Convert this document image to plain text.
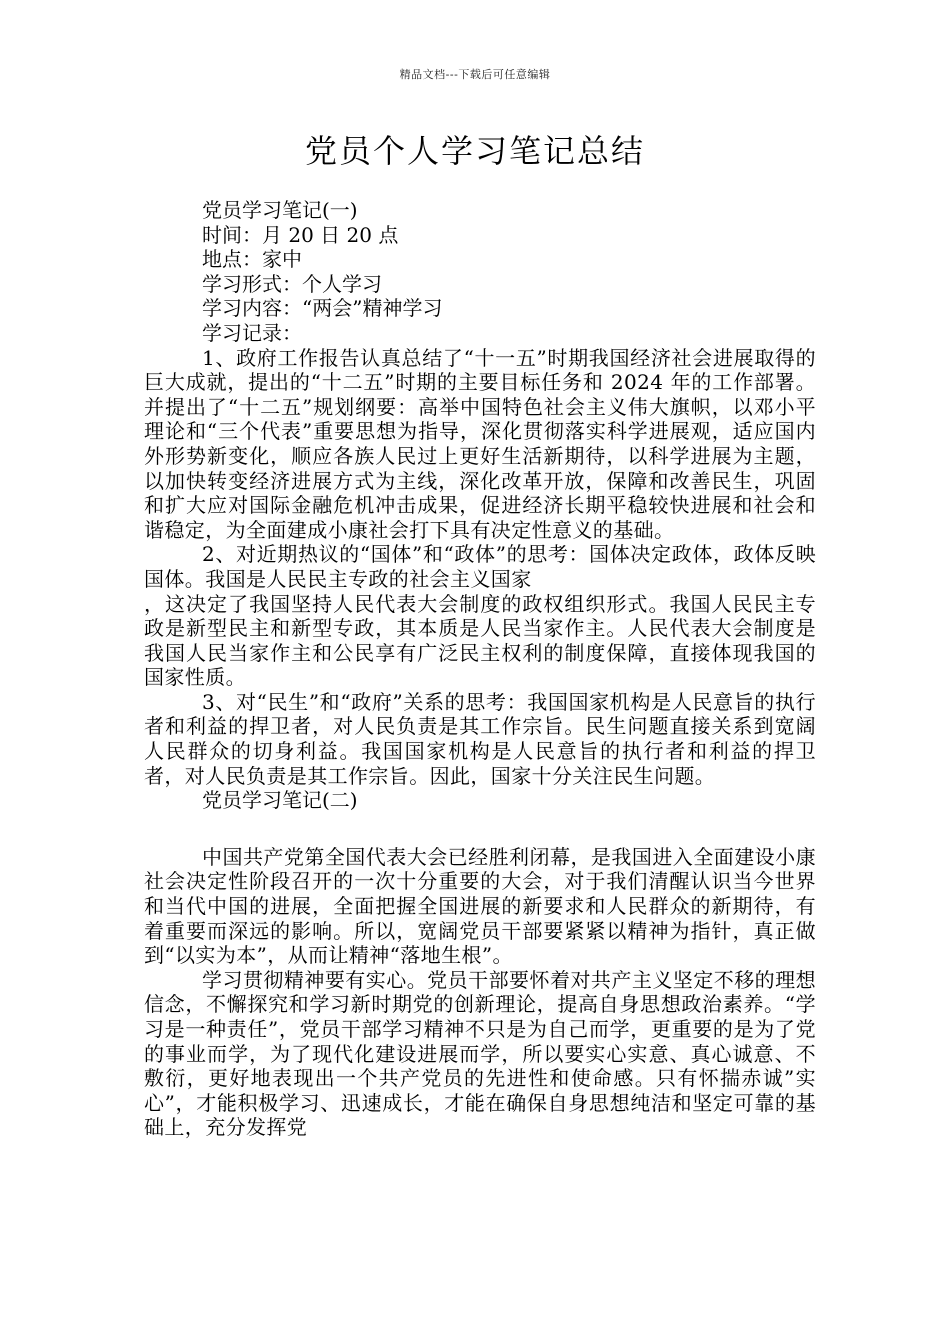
精品文档---下载后可任意编辑
党员个人学习笔记总结

党员学习笔记(一)

时间：月 20 日 20 点

地点：家中

学习形式：个人学习

学习内容：“两会”精神学习

学习记录：

1、政府工作报告认真总结了“十一五”时期我国经济社会进展取得的巨大成就，提出的“十二五”时期的主要目标任务和 2024 年的工作部署。并提出了“十二五”规划纲要：高举中国特色社会主义伟大旗帜，以邓小平理论和“三个代表”重要思想为指导，深化贯彻落实科学进展观，适应国内外形势新变化，顺应各族人民过上更好生活新期待，以科学进展为主题，以加快转变经济进展方式为主线，深化改革开放，保障和改善民生，巩固和扩大应对国际金融危机冲击成果，促进经济长期平稳较快进展和社会和谐稳定，为全面建成小康社会打下具有决定性意义的基础。

2、对近期热议的“国体”和“政体”的思考：国体决定政体，政体反映国体。我国是人民民主专政的社会主义国家

，这决定了我国坚持人民代表大会制度的政权组织形式。我国人民民主专政是新型民主和新型专政，其本质是人民当家作主。人民代表大会制度是我国人民当家作主和公民享有广泛民主权利的制度保障，直接体现我国的国家性质。

3、对“民生”和“政府”关系的思考：我国国家机构是人民意旨的执行者和利益的捍卫者，对人民负责是其工作宗旨。民生问题直接关系到宽阔人民群众的切身利益。我国国家机构是人民意旨的执行者和利益的捍卫者，对人民负责是其工作宗旨。因此，国家十分关注民生问题。

党员学习笔记(二)

中国共产党第全国代表大会已经胜利闭幕，是我国进入全面建设小康社会决定性阶段召开的一次十分重要的大会，对于我们清醒认识当今世界和当代中国的进展，全面把握全国进展的新要求和人民群众的新期待，有着重要而深远的影响。所以，宽阔党员干部要紧紧以精神为指针，真正做到“以实为本”，从而让精神“落地生根”。

学习贯彻精神要有实心。党员干部要怀着对共产主义坚定不移的理想信念，不懈探究和学习新时期党的创新理论，提高自身思想政治素养。“学习是一种责任”，党员干部学习精神不只是为自己而学，更重要的是为了党的事业而学，为了现代化建设进展而学，所以要实心实意、真心诚意、不敷衍，更好地表现出一个共产党员的先进性和使命感。只有怀揣赤诚”实心”，才能积极学习、迅速成长，才能在确保自身思想纯洁和坚定可靠的基础上，充分发挥党
